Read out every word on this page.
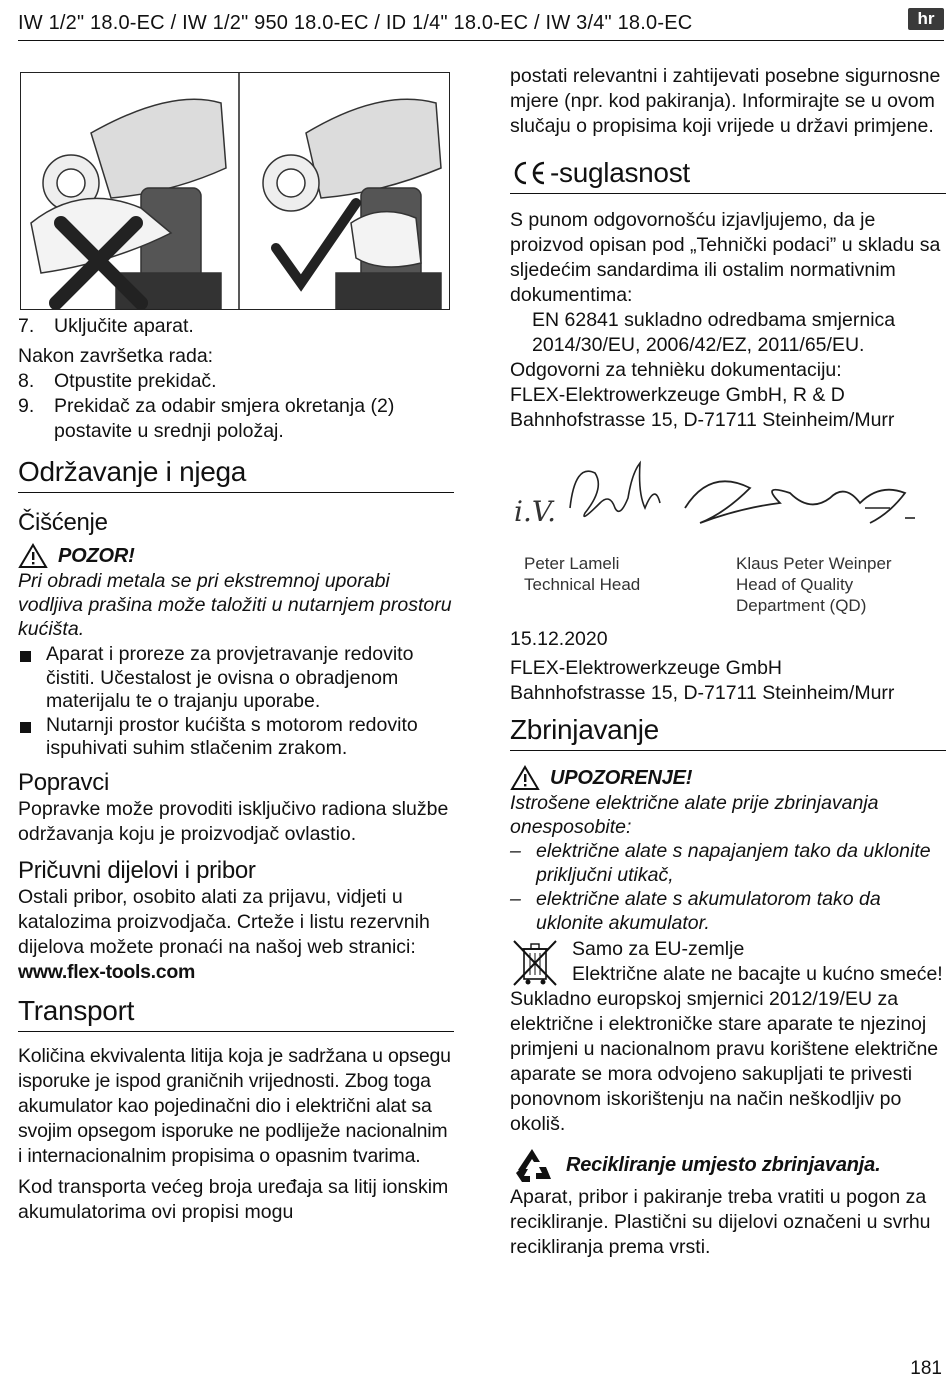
IW 1/2" 18.0-EC / IW 1/2" 950 18.0-EC / ID 1/4" 18.0-EC / IW 3/4" 18.0-EC	hr
7.	Uključite aparat.

Nakon završetka rada:

8.	Otpustite prekidač.
9.	Prekidač za odabir smjera okretanja (2) postavite u srednji položaj.
Održavanje i njega
Čišćenje
POZOR!

Pri obradi metala se pri ekstremnoj uporabi vodljiva prašina može taložiti u nutarnjem prostoru kućišta.

Aparat i proreze za provjetravanje redovito čistiti. Učestalost je ovisna o obradjenom materijalu te o trajanju uporabe.
Nutarnji prostor kućišta s motorom redovito ispuhivati suhim stlačenim zrakom.
Popravci

Popravke može provoditi isključivo radiona službe održavanja koju je proizvodjač ovlastio.

Pričuvni dijelovi i pribor

Ostali pribor, osobito alati za prijavu, vidjeti u katalozima proizvodjača. Crteže i listu rezervnih dijelova možete pronaći na našoj web stranici: www.flex-tools.com

Transport

Količina ekvivalenta litija koja je sadržana u opsegu isporuke je ispod graničnih vrijednosti. Zbog toga akumulator kao pojedinačni dio i električni alat sa svojim opsegom isporuke ne podliježe nacionalnim i internacionalnim propisima o opasnim tvarima.

Kod transporta većeg broja uređaja sa litij ionskim akumulatorima ovi propisi mogu

postati relevantni i zahtijevati posebne sigurnosne mjere (npr. kod pakiranja). Informirajte se u ovom slučaju o propisima koji vrijede u državi primjene.

-suglasnost

S punom odgovornošću izjavljujemo, da je proizvod opisan pod „Tehnički podaci” u skladu sa sljedećim sandardima ili ostalim normativnim dokumentima:

EN 62841 sukladno odredbama smjernica 2014/30/EU, 2006/42/EZ, 2011/65/EU.

Odgovorni za tehnièku dokumentaciju:

FLEX-Elektrowerkzeuge GmbH, R & D

Bahnhofstrasse 15, D-71711 Steinheim/Murr

i.V.
Peter Lameli
Technical Head
Klaus Peter Weinper
Head of Quality
Department (QD)

15.12.2020

FLEX-Elektrowerkzeuge GmbH

Bahnhofstrasse 15, D-71711 Steinheim/Murr

Zbrinjavanje
UPOZORENJE!

Istrošene električne alate prije zbrinjavanja onesposobite:

– električne alate s napajanjem tako da uklonite priključni utikač,
– električne alate s akumulatorom tako da uklonite akumulator.

Samo za EU-zemlje

Električne alate ne bacajte u kućno smeće!

Sukladno europskoj smjernici 2012/19/EU za električne i elektroničke stare aparate te njezinoj primjeni u nacionalnom pravu korištene električne aparate se mora odvojeno sakupljati te privesti ponovnom iskorištenju na način neškodljiv po okoliš.

Recikliranje umjesto zbrinjavanja.

Aparat, pribor i pakiranje treba vratiti u pogon za recikliranje. Plastični su dijelovi označeni u svrhu recikliranja prema vrsti.

181
